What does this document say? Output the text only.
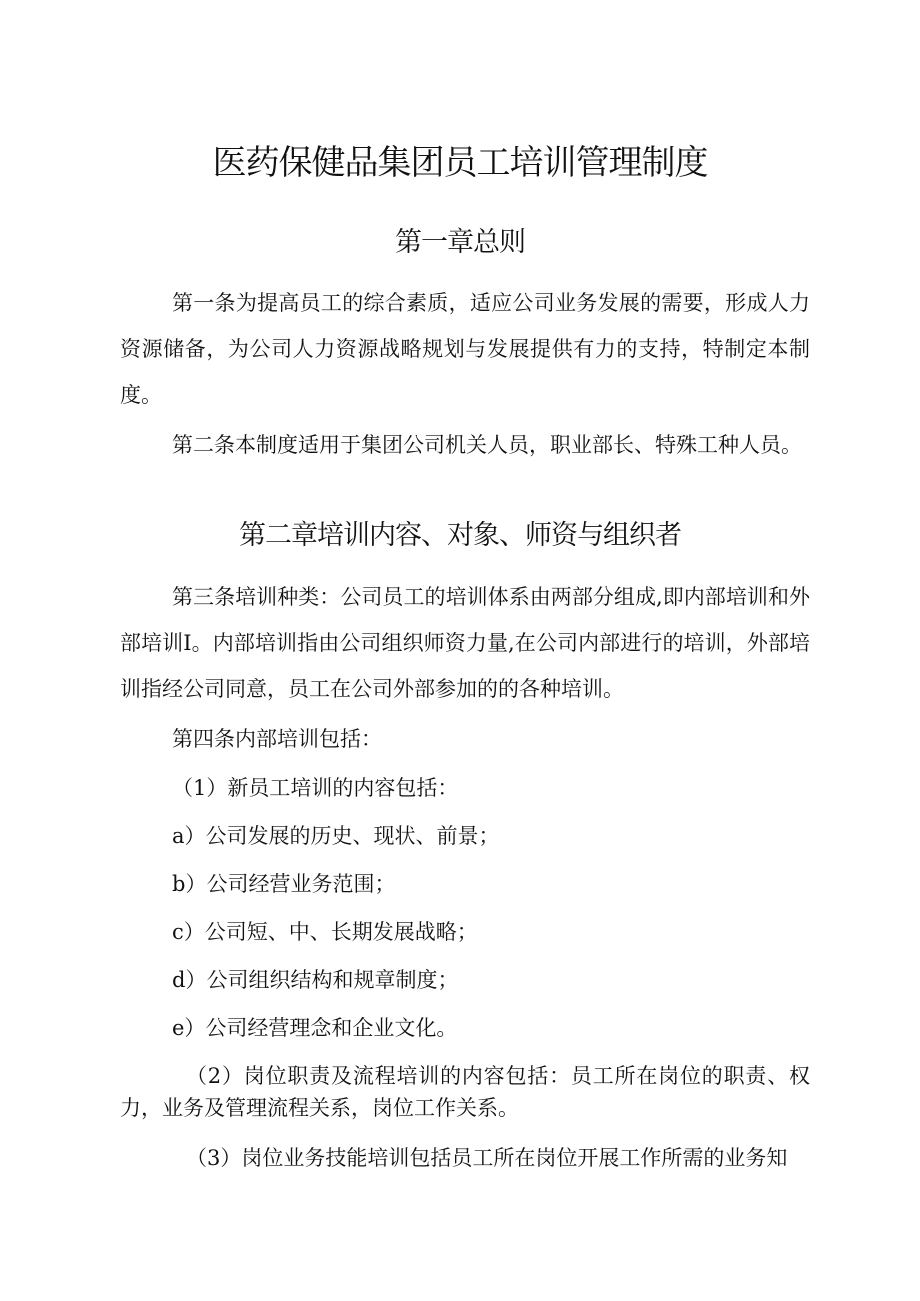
医药保健品集团员工培训管理制度
第一章总则

第一条为提高员工的综合素质，适应公司业务发展的需要，形成人力资源储备，为公司人力资源战略规划与发展提供有力的支持，特制定本制度。

第二条本制度适用于集团公司机关人员，职业部长、特殊工种人员。

第二章培训内容、对象、师资与组织者

第三条培训种类：公司员工的培训体系由两部分组成,即内部培训和外部培训Ⅰ。内部培训指由公司组织师资力量,在公司内部进行的培训，外部培训指经公司同意，员工在公司外部参加的的各种培训。

第四条内部培训包括：

（1）新员工培训的内容包括：
a）公司发展的历史、现状、前景；
b）公司经营业务范围；
c）公司短、中、长期发展战略；
d）公司组织结构和规章制度；
e）公司经营理念和企业文化。

（2）岗位职责及流程培训的内容包括：员工所在岗位的职责、权力，业务及管理流程关系，岗位工作关系。

（3）岗位业务技能培训包括员工所在岗位开展工作所需的业务知
